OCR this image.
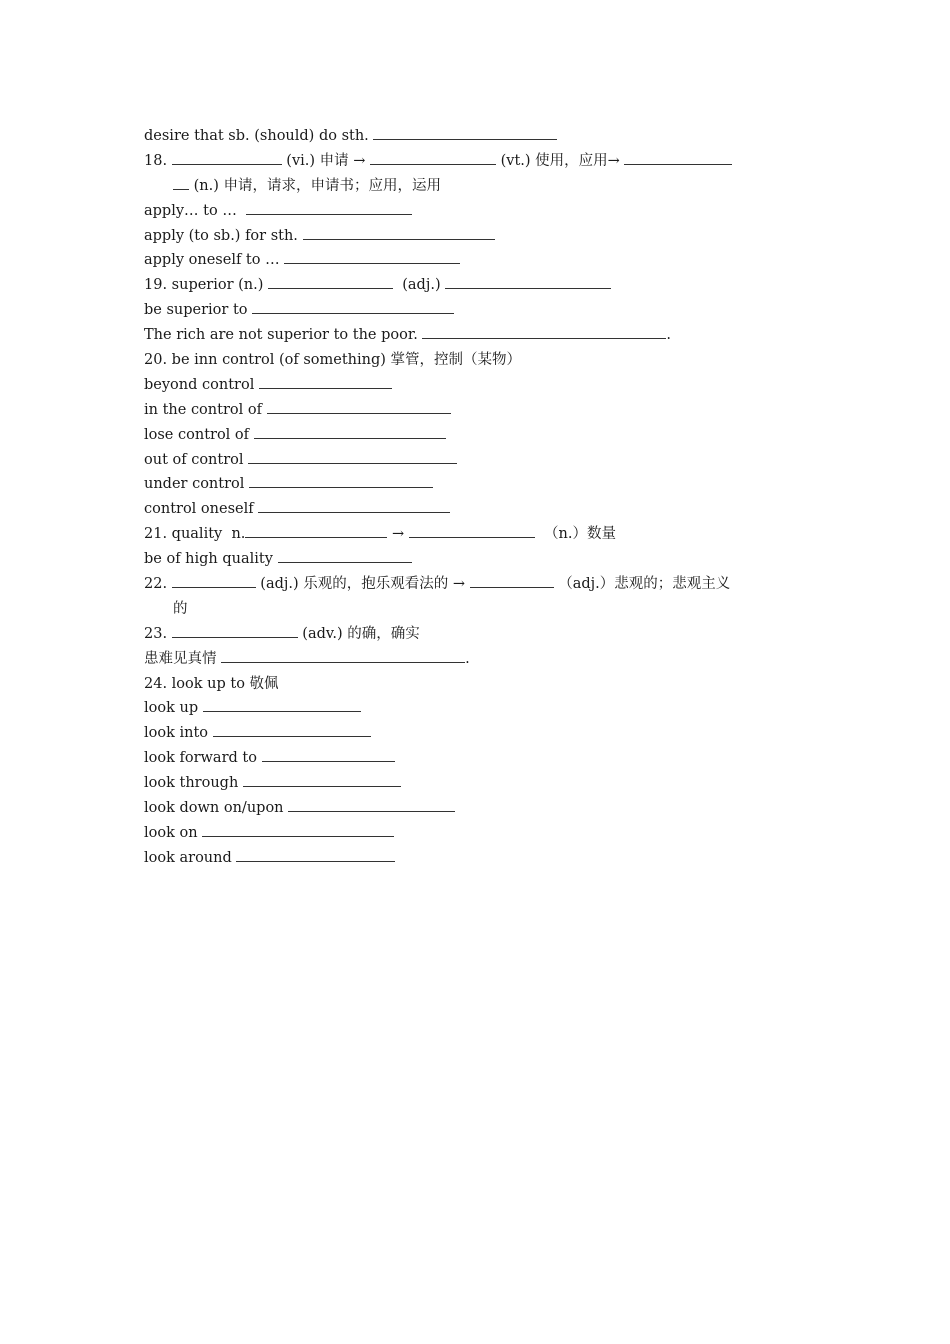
desire that sb. (should) do sth.
18.	(vi.) 申请 →	(vt.) 使用，应用→
(n.) 申请，请求，申请书；应用，运用
apply… to …
apply (to sb.) for sth.
apply oneself to …
19. superior (n.)	(adj.)
be superior to
The rich are not superior to the poor.	.
20. be inn control (of something) 掌管，控制（某物）
beyond control
in the control of
lose control of
out of control
under control
control oneself
21. quality  n.	→	（n.）数量
be of high quality
22.	(adj.) 乐观的，抱乐观看法的 →	（adj.）悲观的；悲观主义
的
23.	(adv.) 的确，确实
患难见真情	.
24. look up to 敬佩
look up
look into
look forward to
look through
look down on/upon
look on
look around
